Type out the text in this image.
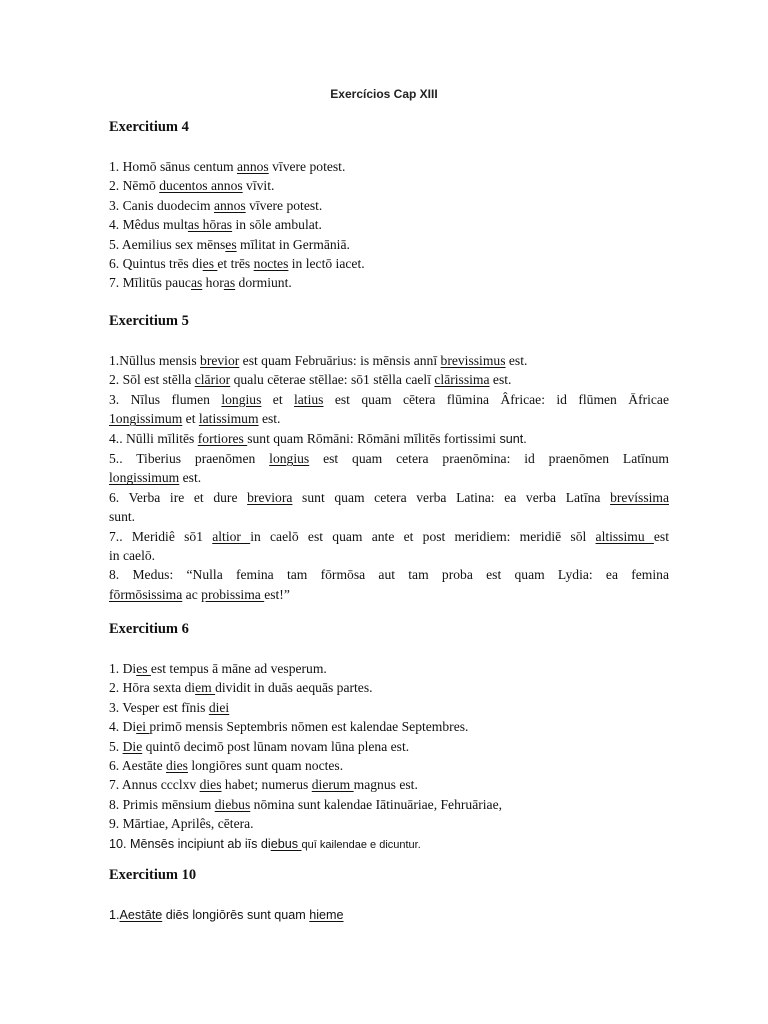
Exercícios Cap XIII
Exercitium 4
1. Homō sānus centum annos vīvere potest.
2. Nēmō ducentos annos vīvit.
3. Canis duodecim annos vīvere potest.
4. Mêdus multas hōras in sōle ambulat.
5. Aemilius sex mēnses mīlitat in Germāniā.
6. Quintus trēs dies et trēs noctes in lectō iacet.
7. Mīlitūs paucas horas dormiunt.
Exercitium 5
1.Nūllus mensis brevior est quam Februārius: is mēnsis annī brevissimus est.
2. Sōl est stēlla clārior qualu cēterae stēllae: sō1 stēlla caelī clārissima est.
3. Nīlus flumen longius et latius est quam cētera flūmina Âfricae: id flūmen Āfricae
1ongissimum et latissimum est.
4.. Nūlli mīlitēs fortiores sunt quam Rōmāni: Rōmāni mīlitēs fortissimi sunt.
5.. Tiberius praenōmen longius est quam cetera praenōmina: id praenōmen Latīnum
longissimum est.
6. Verba ire et dure breviora sunt quam cetera verba Latina: ea verba Latīna brevíssima
sunt.
7.. Meridiê sō1 altior in caelō est quam ante et post meridiem: meridiē sōl altissimu est
in caelō.
8. Medus: “Nulla femina tam fōrmōsa aut tam proba est quam Lydia: ea femina
fōrmōsissima ac probissima est!”
Exercitium 6
1. Dies est tempus ā māne ad vesperum.
2. Hōra sexta diem dividit in duās aequās partes.
3. Vesper est fīnis diei
4. Diei primō mensis Septembris nōmen est kalendae Septembres.
5. Die quintō decimō post lūnam novam lūna plena est.
6. Aestāte dies longiōres sunt quam noctes.
7. Annus ccclxv dies habet; numerus dierum magnus est.
8. Primis mēnsium diebus nōmina sunt kalendae Iātinuāriae, Fehruāriae,
9. Mārtiae, Aprilês, cētera.
10. Mēnsēs incipiunt ab iīs diebus quī kailendae e dicuntur.
Exercitium 10
1.Aestāte diēs longiōrēs sunt quam hieme
